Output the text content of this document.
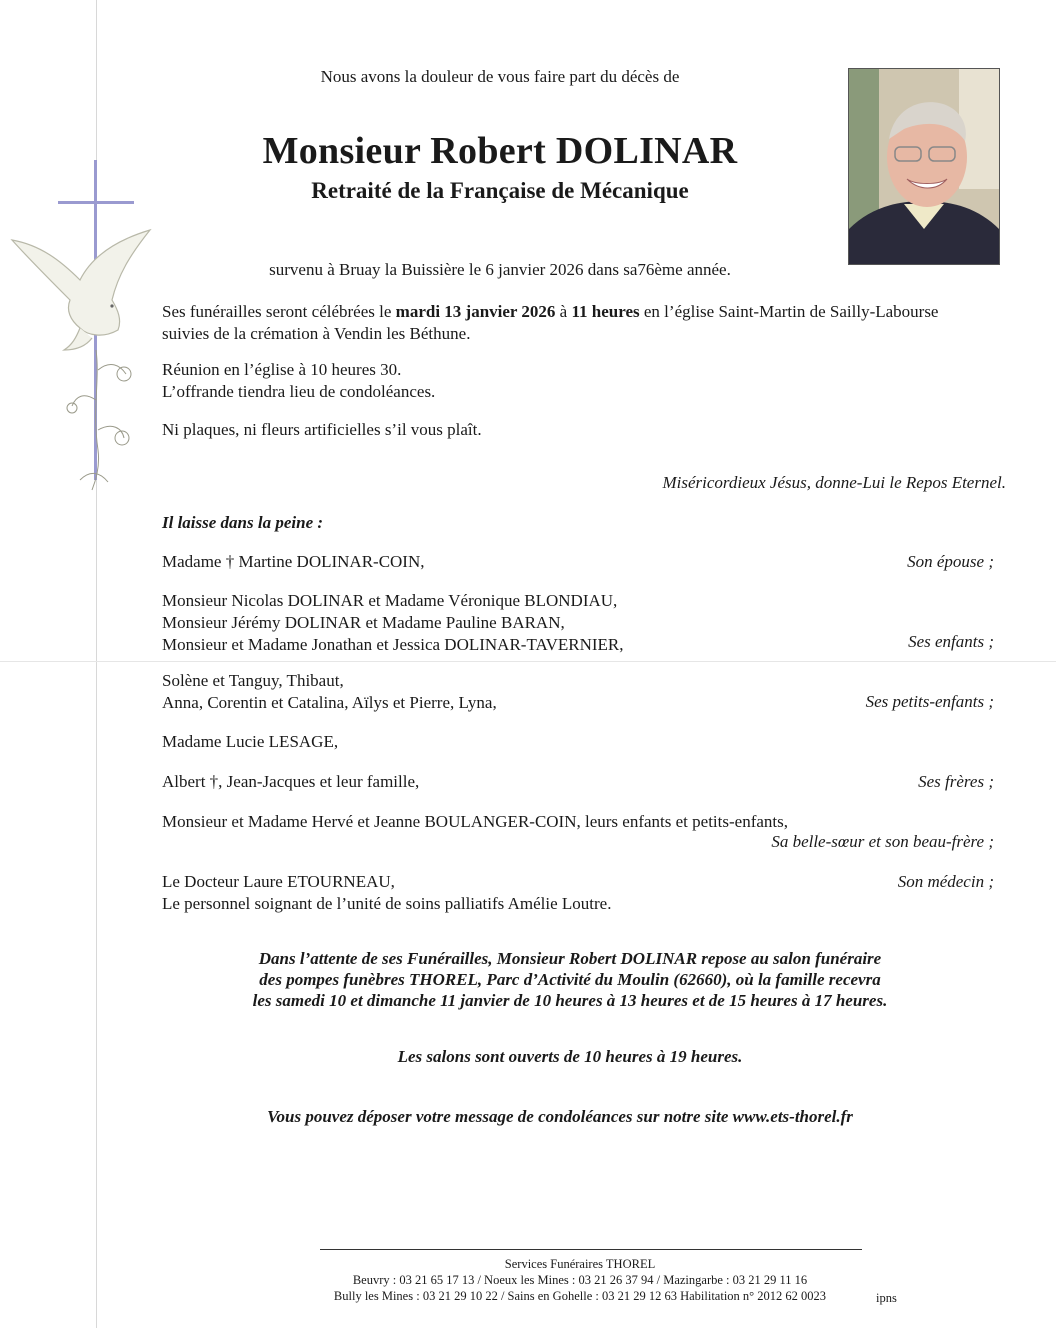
Nous avons la douleur de vous faire part du décès de
Monsieur Robert DOLINAR
Retraité de la Française de Mécanique
survenu à Bruay la Buissière le 6 janvier 2026 dans sa76ème année.
Ses funérailles seront célébrées le mardi 13 janvier 2026 à 11 heures en l’église Saint-Martin de Sailly-Labourse
suivies de la crémation à Vendin les Béthune.
Réunion en l’église à 10 heures 30.
L’offrande tiendra lieu de condoléances.
Ni plaques, ni fleurs artificielles s’il vous plaît.
Miséricordieux Jésus, donne-Lui le Repos Eternel.
Il laisse dans la peine :
Madame † Martine DOLINAR-COIN,	Son épouse ;
Monsieur Nicolas DOLINAR et Madame Véronique BLONDIAU,
Monsieur Jérémy DOLINAR et Madame Pauline BARAN,
Monsieur et Madame Jonathan et Jessica DOLINAR-TAVERNIER,	Ses enfants ;
Solène et Tanguy, Thibaut,
Anna, Corentin et Catalina, Aïlys et Pierre, Lyna,	Ses petits-enfants ;
Madame Lucie LESAGE,
Albert †, Jean-Jacques et leur famille,	Ses frères ;
Monsieur et Madame Hervé et Jeanne BOULANGER-COIN, leurs enfants et petits-enfants,
Sa belle-sœur et son beau-frère ;
Le Docteur Laure ETOURNEAU,
Le personnel soignant de l’unité de soins palliatifs Amélie Loutre.
Son médecin ;
Dans l’attente de ses Funérailles, Monsieur Robert DOLINAR repose au salon funéraire
des pompes funèbres THOREL, Parc d’Activité du Moulin (62660), où la famille recevra
les samedi 10 et dimanche 11 janvier de 10 heures à 13 heures et de 15 heures à 17 heures.
Les salons sont ouverts de 10 heures à 19 heures.
Vous pouvez déposer votre message de condoléances sur notre site www.ets-thorel.fr
Services Funéraires THOREL
Beuvry : 03 21 65 17 13 / Noeux les Mines : 03 21 26 37 94 / Mazingarbe : 03 21 29 11 16
Bully les Mines : 03 21 29 10 22 / Sains en Gohelle : 03 21 29 12 63 Habilitation n° 2012 62 0023	ipns
